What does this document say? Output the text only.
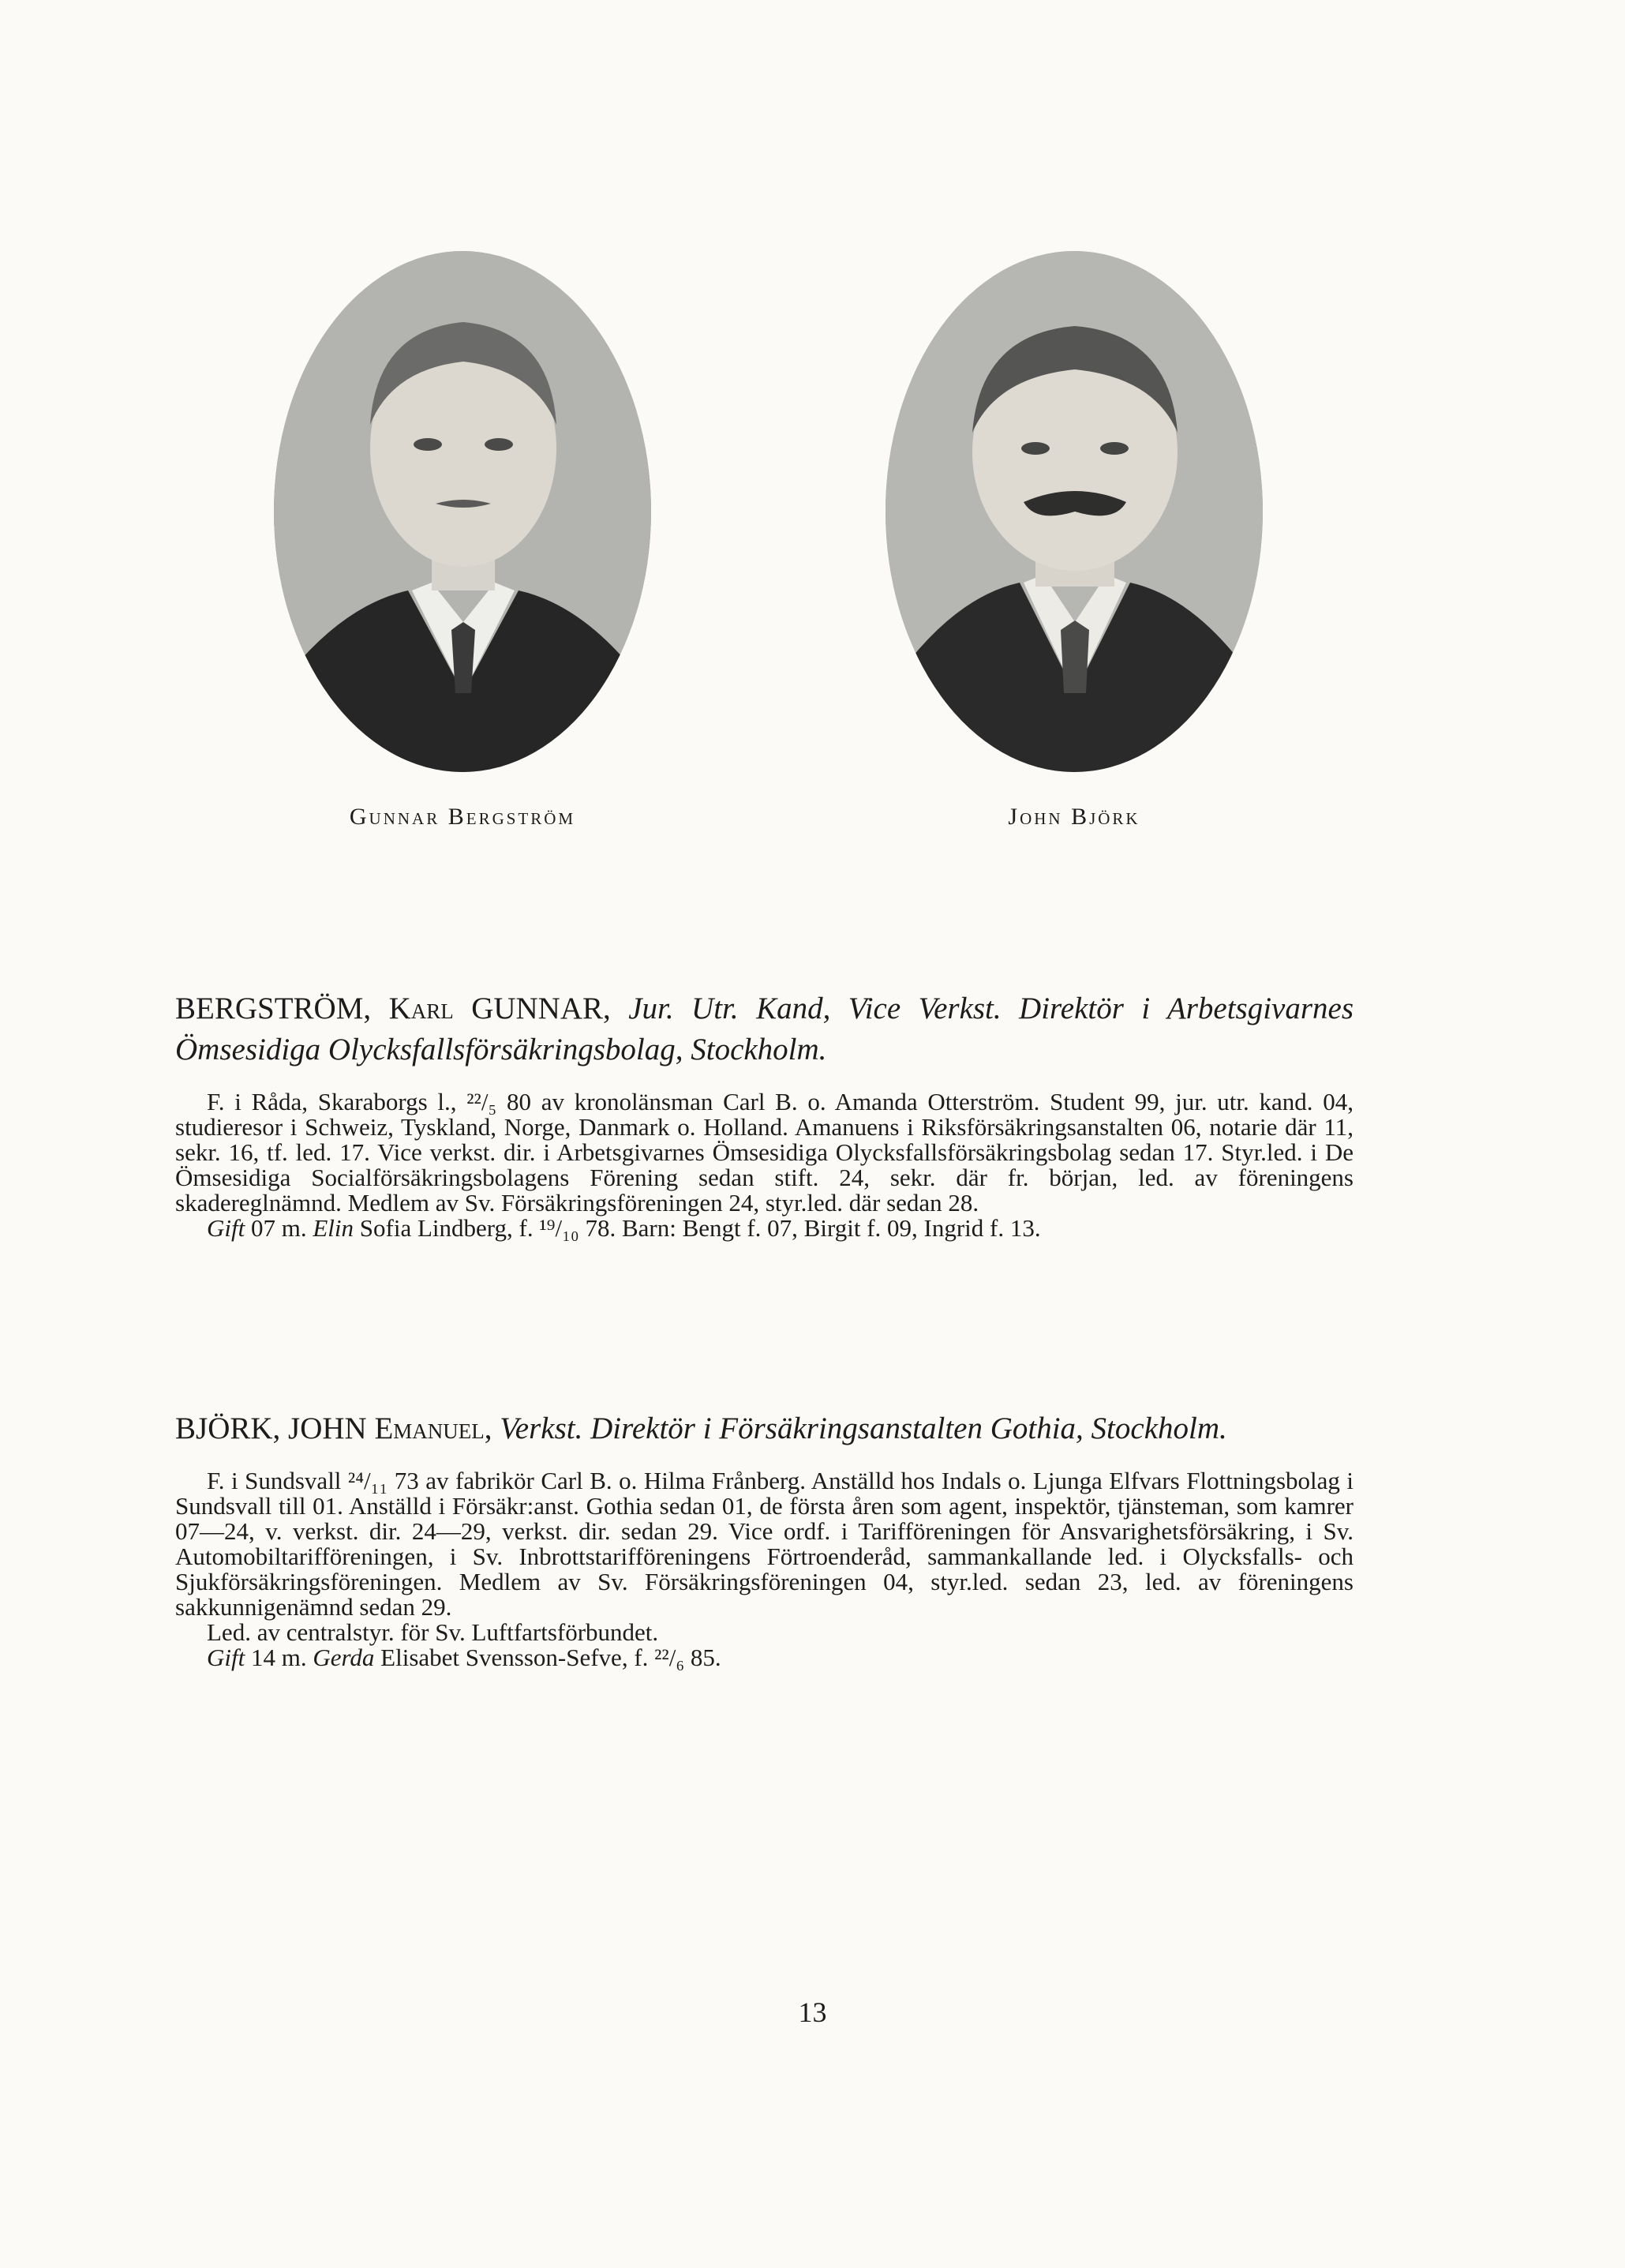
Gunnar Bergström	John Björk

BERGSTRÖM, Karl GUNNAR, Jur. Utr. Kand, Vice Verkst. Direktör i Arbetsgivarnes Ömsesidiga Olycksfallsförsäkringsbolag, Stockholm.

F. i Råda, Skaraborgs l., ²²/₅ 80 av kronolänsman Carl B. o. Amanda Otterström. Student 99, jur. utr. kand. 04, studieresor i Schweiz, Tyskland, Norge, Danmark o. Holland. Amanuens i Riksförsäkringsanstalten 06, notarie där 11, sekr. 16, tf. led. 17. Vice verkst. dir. i Arbetsgivarnes Ömsesidiga Olycksfallsförsäkringsbolag sedan 17. Styr.led. i De Ömsesidiga Socialförsäkringsbolagens Förening sedan stift. 24, sekr. där fr. början, led. av föreningens skadereglnämnd. Medlem av Sv. Försäkringsföreningen 24, styr.led. där sedan 28.

Gift 07 m. Elin Sofia Lindberg, f. ¹⁹/₁₀ 78. Barn: Bengt f. 07, Birgit f. 09, Ingrid f. 13.

BJÖRK, JOHN Emanuel, Verkst. Direktör i Försäkringsanstalten Gothia, Stockholm.

F. i Sundsvall ²⁴/₁₁ 73 av fabrikör Carl B. o. Hilma Frånberg. Anställd hos Indals o. Ljunga Elfvars Flottningsbolag i Sundsvall till 01. Anställd i Försäkr:anst. Gothia sedan 01, de första åren som agent, inspektör, tjänsteman, som kamrer 07—24, v. verkst. dir. 24—29, verkst. dir. sedan 29. Vice ordf. i Tarifföreningen för Ansvarighetsförsäkring, i Sv. Automobiltarifföreningen, i Sv. Inbrottstarifföreningens Förtroenderåd, sammankallande led. i Olycksfalls- och Sjukförsäkringsföreningen. Medlem av Sv. Försäkringsföreningen 04, styr.led. sedan 23, led. av föreningens sakkunnigenämnd sedan 29.

Led. av centralstyr. för Sv. Luftfartsförbundet.

Gift 14 m. Gerda Elisabet Svensson-Sefve, f. ²²/₆ 85.

13
